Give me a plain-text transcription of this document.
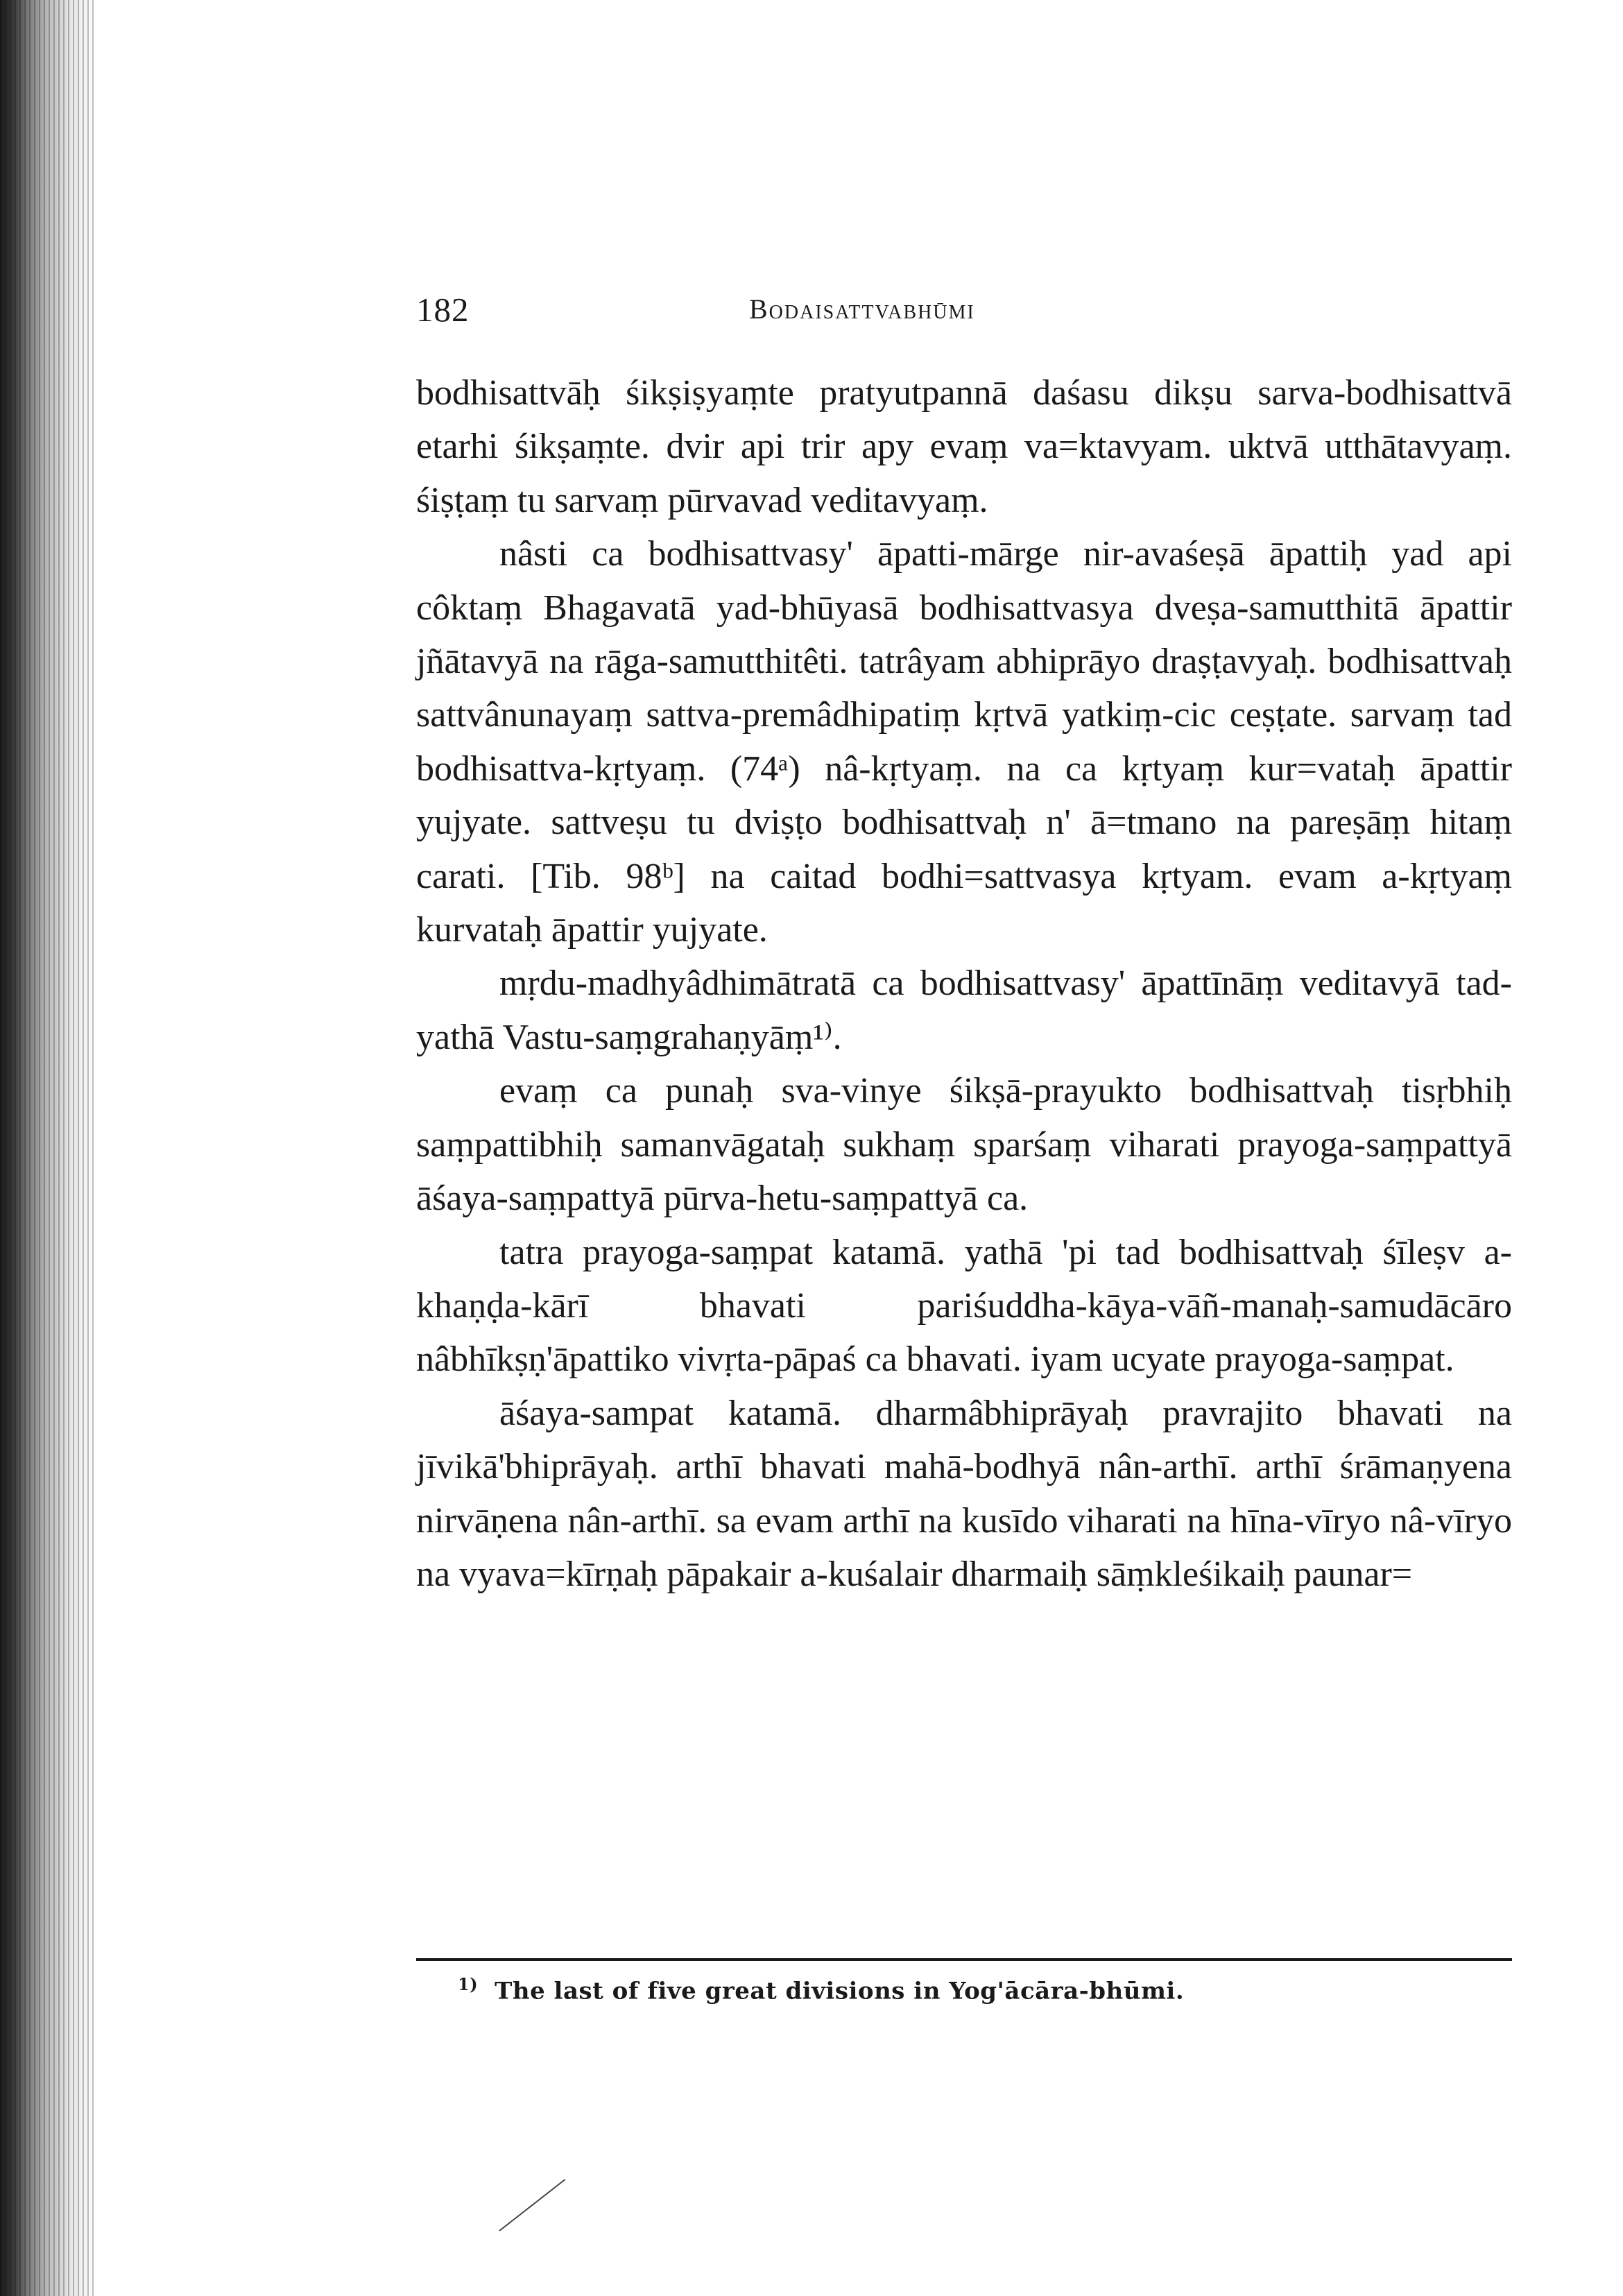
182	Bodaisattvabhūmi

bodhisattvāḥ śikṣiṣyaṃte pratyutpannā daśasu dikṣu sarva-bodhisattvā etarhi śikṣaṃte. dvir api trir apy evaṃ va=ktavyam. uktvā utthātavyaṃ. śiṣṭaṃ tu sarvaṃ pūrvavad veditavyaṃ.

nâsti ca bodhisattvasy' āpatti-mārge nir-avaśeṣā āpattiḥ yad api côktaṃ Bhagavatā yad-bhūyasā bodhisattvasya dveṣa-samutthitā āpattir jñātavyā na rāga-samutthitêti. tatrâyam abhiprāyo draṣṭavyaḥ. bodhisattvaḥ sattvânunayaṃ sattva-premâdhipatiṃ kṛtvā yatkiṃ-cic ceṣṭate. sarvaṃ tad bodhisattva-kṛtyaṃ. (74ᵃ) nâ-kṛtyaṃ. na ca kṛtyaṃ kur=vataḥ āpattir yujyate. sattveṣu tu dviṣṭo bodhisattvaḥ n' ā=tmano na pareṣāṃ hitaṃ carati. [Tib. 98ᵇ] na caitad bodhi=sattvasya kṛtyam. evam a-kṛtyaṃ kurvataḥ āpattir yujyate.

mṛdu-madhyâdhimātratā ca bodhisattvasy' āpattīnāṃ veditavyā tad-yathā Vastu-saṃgrahaṇyāṃ¹⁾.

evaṃ ca punaḥ sva-vinye śikṣā-prayukto bodhisattvaḥ tisṛbhiḥ saṃpattibhiḥ samanvāgataḥ sukhaṃ sparśaṃ viharati prayoga-saṃpattyā āśaya-saṃpattyā pūrva-hetu-saṃpattyā ca.

tatra prayoga-saṃpat katamā. yathā 'pi tad bodhisattvaḥ śīleṣv a-khaṇḍa-kārī bhavati pariśuddha-kāya-vāñ-manaḥ-samudācāro nâbhīkṣṇ'āpattiko vivṛta-pāpaś ca bhavati. iyam ucyate prayoga-saṃpat.

āśaya-sampat katamā. dharmâbhiprāyaḥ pravrajito bhavati na jīvikā'bhiprāyaḥ. arthī bhavati mahā-bodhyā nân-arthī. arthī śrāmaṇyena nirvāṇena nân-arthī. sa evam arthī na kusīdo viharati na hīna-vīryo nâ-vīryo na vyava=kīrṇaḥ pāpakair a-kuśalair dharmaiḥ sāṃkleśikaiḥ paunar=

$^{1)}$ The last of five great divisions in Yog'ācāra-bhūmi.
